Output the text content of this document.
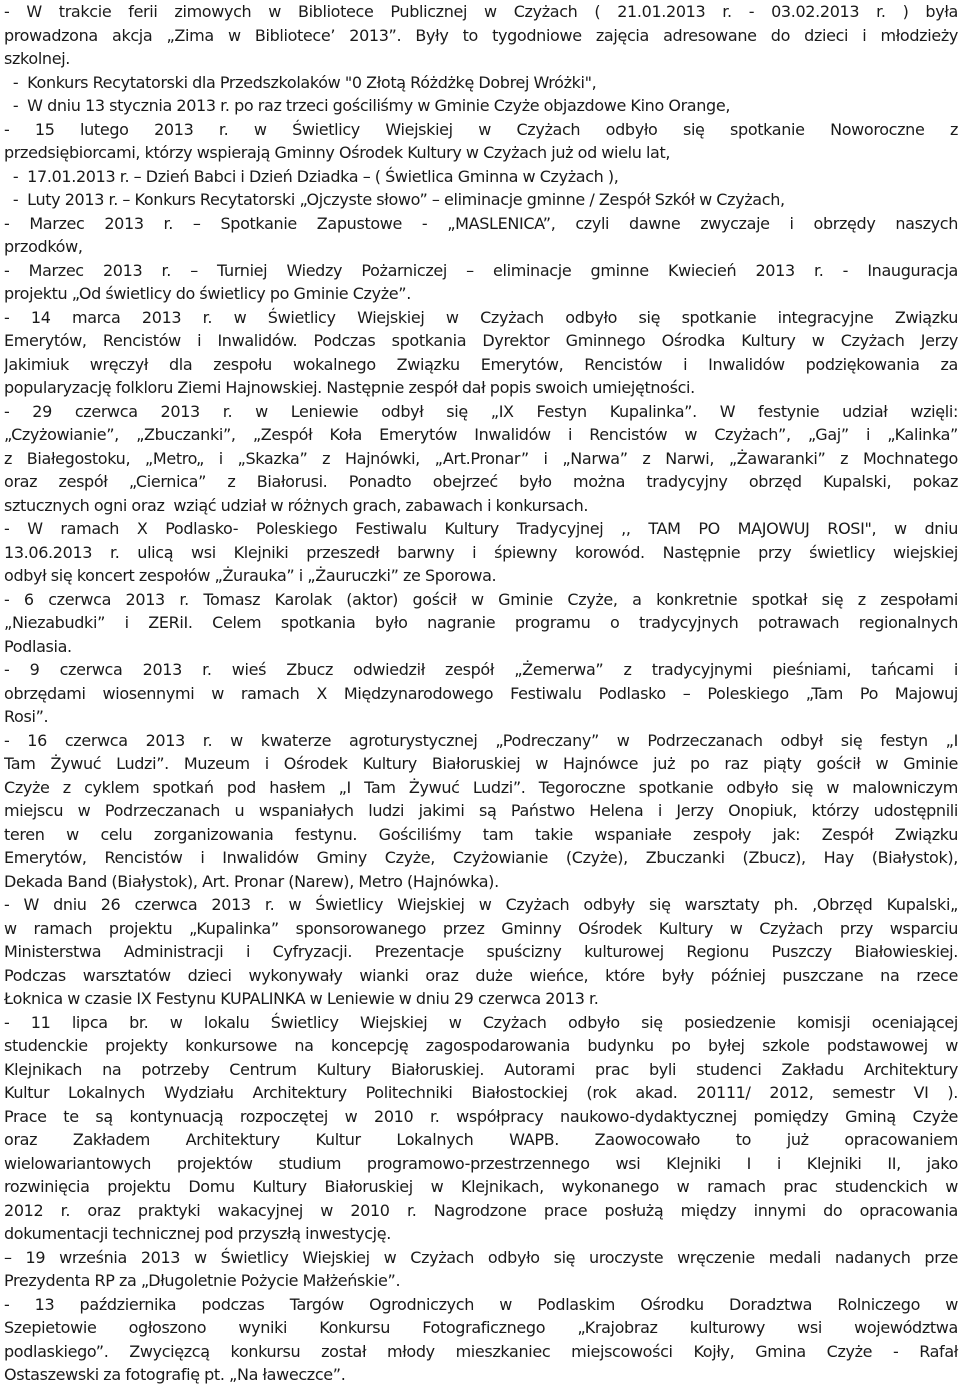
- W trakcie ferii zimowych w Bibliotece Publicznej w Czyżach ( 21.01.2013 r. - 03.02.2013 r. ) była
prowadzona akcja „Zima w Bibliotece’ 2013”. Były to tygodniowe zajęcia adresowane do dzieci i młodzieży
szkolnej.
-  Konkurs Recytatorski dla Przedszkolaków "0 Złotą Różdżkę Dobrej Wróżki",
-  W dniu 13 stycznia 2013 r. po raz trzeci gościliśmy w Gminie Czyże objazdowe Kino Orange,
- 15 lutego 2013 r. w Świetlicy Wiejskiej w Czyżach odbyło się spotkanie Noworoczne z
przedsiębiorcami, którzy wspierają Gminny Ośrodek Kultury w Czyżach już od wielu lat,
-  17.01.2013 r. – Dzień Babci i Dzień Dziadka – ( Świetlica Gminna w Czyżach ),
-  Luty 2013 r. – Konkurs Recytatorski „Ojczyste słowo” – eliminacje gminne / Zespół Szkół w Czyżach,
- Marzec 2013 r. – Spotkanie Zapustowe - „MASLENICA”, czyli dawne zwyczaje i obrzędy naszych
przodków,
- Marzec 2013 r. – Turniej Wiedzy Pożarniczej – eliminacje gminne Kwiecień 2013 r. - Inauguracja
projektu „Od świetlicy do świetlicy po Gminie Czyże”.
- 14 marca 2013 r. w Świetlicy Wiejskiej w Czyżach odbyło się spotkanie integracyjne Związku
Emerytów, Rencistów i Inwalidów. Podczas spotkania Dyrektor Gminnego Ośrodka Kultury w Czyżach Jerzy
Jakimiuk wręczył dla zespołu wokalnego Związku Emerytów, Rencistów i Inwalidów podziękowania za
popularyzację folkloru Ziemi Hajnowskiej. Następnie zespół dał popis swoich umiejętności.
- 29 czerwca 2013 r. w Leniewie odbył się „IX Festyn Kupalinka”. W festynie udział wzięli:
„Czyżowianie”, „Zbuczanki”, „Zespół Koła Emerytów Inwalidów i Rencistów w Czyżach”, „Gaj” i „Kalinka”
z Białegostoku, „Metro„ i „Skazka” z Hajnówki, „Art.Pronar” i „Narwa” z Narwi, „Żawaranki” z Mochnatego
oraz zespół „Ciernica” z Białorusi. Ponadto obejrzeć było można tradycyjny obrzęd Kupalski, pokaz
sztucznych ogni oraz  wziąć udział w różnych grach, zabawach i konkursach.
- W ramach X Podlasko- Poleskiego Festiwalu Kultury Tradycyjnej ,, TAM PO MAJOWUJ ROSI", w dniu
13.06.2013 r. ulicą wsi Klejniki przeszedł barwny i śpiewny korowód. Następnie przy świetlicy wiejskiej
odbył się koncert zespołów „Żurauka” i „Żauruczki” ze Sporowa.
- 6 czerwca 2013 r. Tomasz Karolak (aktor) gościł w Gminie Czyże, a konkretnie spotkał się z zespołami
„Niezabudki” i ZERiI. Celem spotkania było nagranie programu o tradycyjnych potrawach regionalnych
Podlasia.
- 9 czerwca 2013 r. wieś Zbucz odwiedził zespół „Żemerwa” z tradycyjnymi pieśniami, tańcami i
obrzędami wiosennymi w ramach X Międzynarodowego Festiwalu Podlasko – Poleskiego „Tam Po Majowuj
Rosi”.
- 16 czerwca 2013 r. w kwaterze agroturystycznej „Podreczany” w Podrzeczanach odbył się festyn „I
Tam Żywuć Ludzi”. Muzeum i Ośrodek Kultury Białoruskiej w Hajnówce już po raz piąty gościł w Gminie
Czyże z cyklem spotkań pod hasłem „I Tam Żywuć Ludzi”. Tegoroczne spotkanie odbyło się w malowniczym
miejscu w Podrzeczanach u wspaniałych ludzi jakimi są Państwo Helena i Jerzy Onopiuk, którzy udostępnili
teren w celu zorganizowania festynu. Gościliśmy tam takie wspaniałe zespoły jak: Zespół Związku
Emerytów, Rencistów i Inwalidów Gminy Czyże, Czyżowianie (Czyże), Zbuczanki (Zbucz), Hay (Białystok),
Dekada Band (Białystok), Art. Pronar (Narew), Metro (Hajnówka).
- W dniu 26 czerwca 2013 r. w Świetlicy Wiejskiej w Czyżach odbyły się warsztaty ph. ,Obrzęd Kupalski„
w ramach projektu „Kupalinka” sponsorowanego przez Gminny Ośrodek Kultury w Czyżach przy wsparciu
Ministerstwa Administracji i Cyfryzacji. Prezentacje spuścizny kulturowej Regionu Puszczy Białowieskiej.
Podczas warsztatów dzieci wykonywały wianki oraz duże wieńce, które były później puszczane na rzece
Łoknica w czasie IX Festynu KUPALINKA w Leniewie w dniu 29 czerwca 2013 r.
- 11 lipca br. w lokalu Świetlicy Wiejskiej w Czyżach odbyło się posiedzenie komisji oceniającej
studenckie projekty konkursowe na koncepcję zagospodarowania budynku po byłej szkole podstawowej w
Klejnikach na potrzeby Centrum Kultury Białoruskiej. Autorami prac byli studenci Zakładu Architektury
Kultur Lokalnych Wydziału Architektury Politechniki Białostockiej (rok akad. 20111/ 2012, semestr VI ).
Prace te są kontynuacją rozpoczętej w 2010 r. współpracy naukowo-dydaktycznej pomiędzy Gminą Czyże
oraz Zakładem Architektury Kultur Lokalnych WAPB. Zaowocowało to już opracowaniem
wielowariantowych projektów studium programowo-przestrzennego wsi Klejniki I i Klejniki II, jako
rozwinięcia projektu Domu Kultury Białoruskiej w Klejnikach, wykonanego w ramach prac studenckich w
2012 r. oraz praktyki wakacyjnej w 2010 r. Nagrodzone prace posłużą między innymi do opracowania
dokumentacji technicznej pod przyszłą inwestycję.
– 19 września 2013 w Świetlicy Wiejskiej w Czyżach odbyło się uroczyste wręczenie medali nadanych prze
Prezydenta RP za „Długoletnie Pożycie Małżeńskie”.
- 13 października podczas Targów Ogrodniczych w Podlaskim Ośrodku Doradztwa Rolniczego w
Szepietowie ogłoszono wyniki Konkursu Fotograficznego „Krajobraz kulturowy wsi województwa
podlaskiego”. Zwycięzcą konkursu został młody mieszkaniec miejscowości Kojły, Gmina Czyże - Rafał
Ostaszewski za fotografię pt. „Na ławeczce”.
